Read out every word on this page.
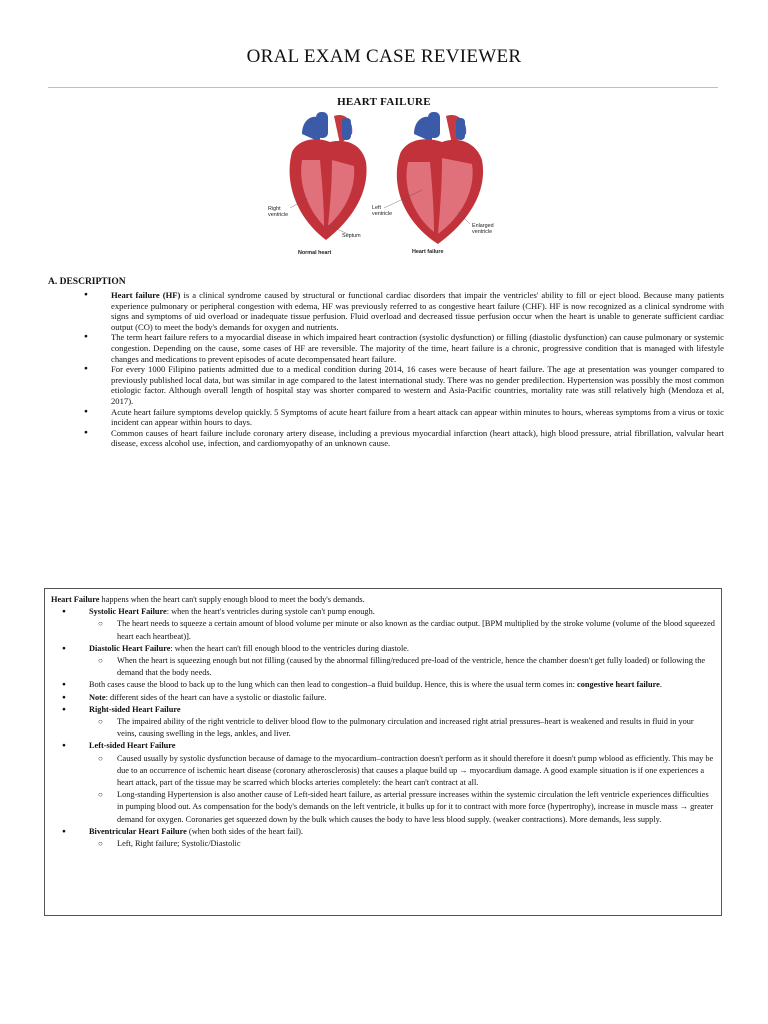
ORAL EXAM CASE REVIEWER
HEART FAILURE
Right ventricle
Septum
Left ventricle
Enlarged ventricle
Normal heart	Heart failure
A. DESCRIPTION
● Heart failure (HF) is a clinical syndrome caused by structural or functional cardiac disorders that impair the ventricles' ability to fill or eject blood. Because many patients experience pulmonary or peripheral congestion with edema, HF was previously referred to as congestive heart failure (CHF). HF is now recognized as a clinical syndrome with signs and symptoms of uid overload or inadequate tissue perfusion. Fluid overload and decreased tissue perfusion occur when the heart is unable to generate sufficient cardiac output (CO) to meet the body's demands for oxygen and nutrients.
● The term heart failure refers to a myocardial disease in which impaired heart contraction (systolic dysfunction) or filling (diastolic dysfunction) can cause pulmonary or systemic congestion. Depending on the cause, some cases of HF are reversible. The majority of the time, heart failure is a chronic, progressive condition that is managed with lifestyle changes and medications to prevent episodes of acute decompensated heart failure.
● For every 1000 Filipino patients admitted due to a medical condition during 2014, 16 cases were because of heart failure. The age at presentation was younger compared to previously published local data, but was similar in age compared to the latest international study. There was no gender predilection. Hypertension was possibly the most common etiologic factor. Although overall length of hospital stay was shorter compared to western and Asia-Pacific countries, mortality rate was still relatively high (Mendoza et al, 2017).
● Acute heart failure symptoms develop quickly. 5 Symptoms of acute heart failure from a heart attack can appear within minutes to hours, whereas symptoms from a virus or toxic incident can appear within hours to days.
● Common causes of heart failure include coronary artery disease, including a previous myocardial infarction (heart attack), high blood pressure, atrial fibrillation, valvular heart disease, excess alcohol use, infection, and cardiomyopathy of an unknown cause.

Heart Failure happens when the heart can't supply enough blood to meet the body's demands.

● Systolic Heart Failure: when the heart's ventricles during systole can't pump enough.
○ The heart needs to squeeze a certain amount of blood volume per minute or also known as the cardiac output. [BPM multiplied by the stroke volume (volume of the blood squeezed heart each heartbeat)].
● Diastolic Heart Failure: when the heart can't fill enough blood to the ventricles during diastole.
○ When the heart is squeezing enough but not filling (caused by the abnormal filling/reduced pre-load of the ventricle, hence the chamber doesn't get fully loaded) or following the demand that the body needs.
● Both cases cause the blood to back up to the lung which can then lead to congestion–a fluid buildup. Hence, this is where the usual term comes in: congestive heart failure.
● Note: different sides of the heart can have a systolic or diastolic failure.
● Right-sided Heart Failure
○ The impaired ability of the right ventricle to deliver blood flow to the pulmonary circulation and increased right atrial pressures–heart is weakened and results in fluid in your veins, causing swelling in the legs, ankles, and liver.
● Left-sided Heart Failure
○ Caused usually by systolic dysfunction because of damage to the myocardium–contraction doesn't perform as it should therefore it doesn't pump wblood as efficiently. This may be due to an occurrence of ischemic heart disease (coronary atherosclerosis) that causes a plaque build up → myocardium damage. A good example situation is if one experiences a heart attack, part of the tissue may be scarred which blocks arteries completely: the heart can't contract at all.
○ Long-standing Hypertension is also another cause of Left-sided heart failure, as arterial pressure increases within the systemic circulation the left ventricle experiences difficulties in pumping blood out. As compensation for the body's demands on the left ventricle, it bulks up for it to contract with more force (hypertrophy), increase in muscle mass → greater demand for oxygen. Coronaries get squeezed down by the bulk which causes the body to have less blood supply. (weaker contractions). More demands, less supply.
● Biventricular Heart Failure (when both sides of the heart fail).
○ Left, Right failure; Systolic/Diastolic
